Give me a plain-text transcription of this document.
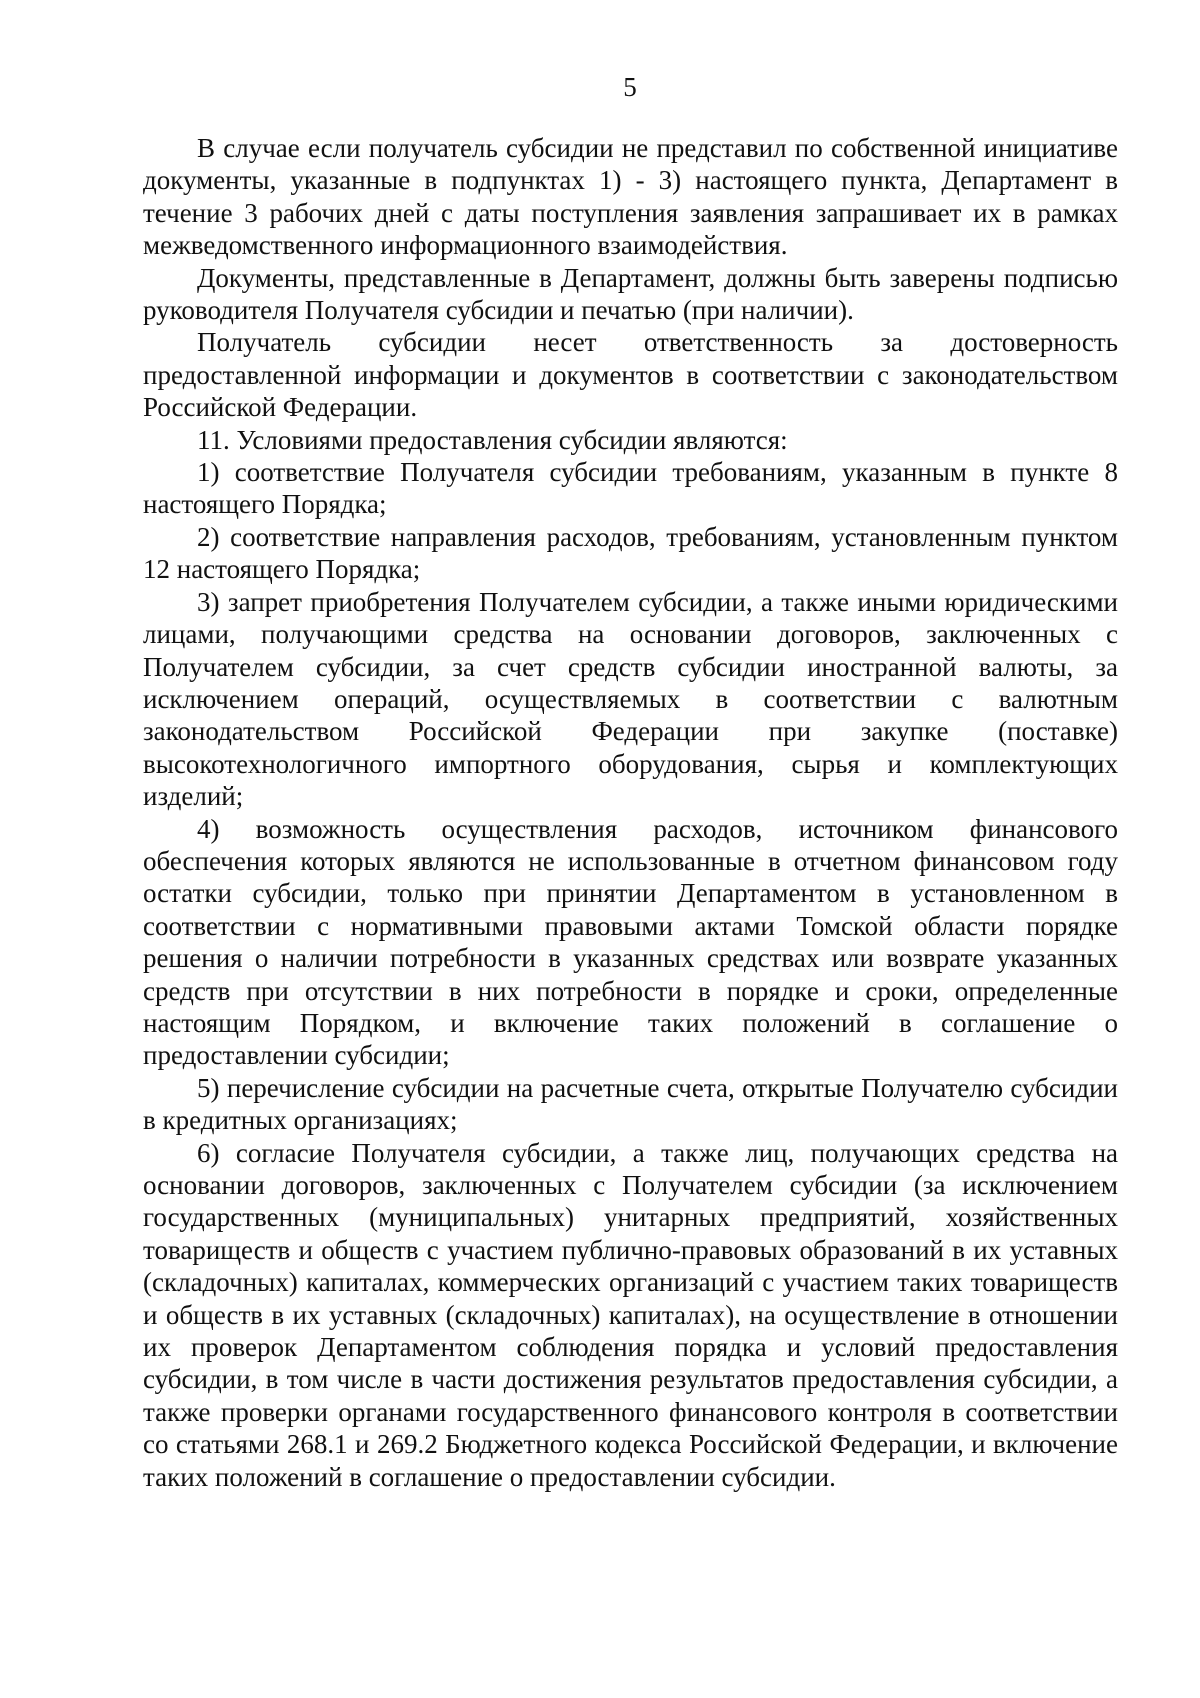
5

В случае если получатель субсидии не представил по собственной инициативе документы, указанные в подпунктах 1) - 3) настоящего пункта, Департамент в течение 3 рабочих дней с даты поступления заявления запрашивает их в рамках межведомственного информационного взаимодействия.

Документы, представленные в Департамент, должны быть заверены подписью руководителя Получателя субсидии и печатью (при наличии).

Получатель субсидии несет ответственность за достоверность предоставленной информации и документов в соответствии с законодательством Российской Федерации.

11. Условиями предоставления субсидии являются:

1) соответствие Получателя субсидии требованиям, указанным в пункте 8 настоящего Порядка;

2) соответствие направления расходов, требованиям, установленным пунктом 12 настоящего Порядка;

3) запрет приобретения Получателем субсидии, а также иными юридическими лицами, получающими средства на основании договоров, заключенных с Получателем субсидии, за счет средств субсидии иностранной валюты, за исключением операций, осуществляемых в соответствии с валютным законодательством Российской Федерации при закупке (поставке) высокотехнологичного импортного оборудования, сырья и комплектующих изделий;

4) возможность осуществления расходов, источником финансового обеспечения которых являются не использованные в отчетном финансовом году остатки субсидии, только при принятии Департаментом в установленном в соответствии с нормативными правовыми актами Томской области порядке решения о наличии потребности в указанных средствах или возврате указанных средств при отсутствии в них потребности в порядке и сроки, определенные настоящим Порядком, и включение таких положений в соглашение о предоставлении субсидии;

5) перечисление субсидии на расчетные счета, открытые Получателю субсидии в кредитных организациях;

6) согласие Получателя субсидии, а также лиц, получающих средства на основании договоров, заключенных с Получателем субсидии (за исключением государственных (муниципальных) унитарных предприятий, хозяйственных товариществ и обществ с участием публично-правовых образований в их уставных (складочных) капиталах, коммерческих организаций с участием таких товариществ и обществ в их уставных (складочных) капиталах), на осуществление в отношении их проверок Департаментом соблюдения порядка и условий предоставления субсидии, в том числе в части достижения результатов предоставления субсидии, а также проверки органами государственного финансового контроля в соответствии со статьями 268.1 и 269.2 Бюджетного кодекса Российской Федерации, и включение таких положений в соглашение о предоставлении субсидии.
